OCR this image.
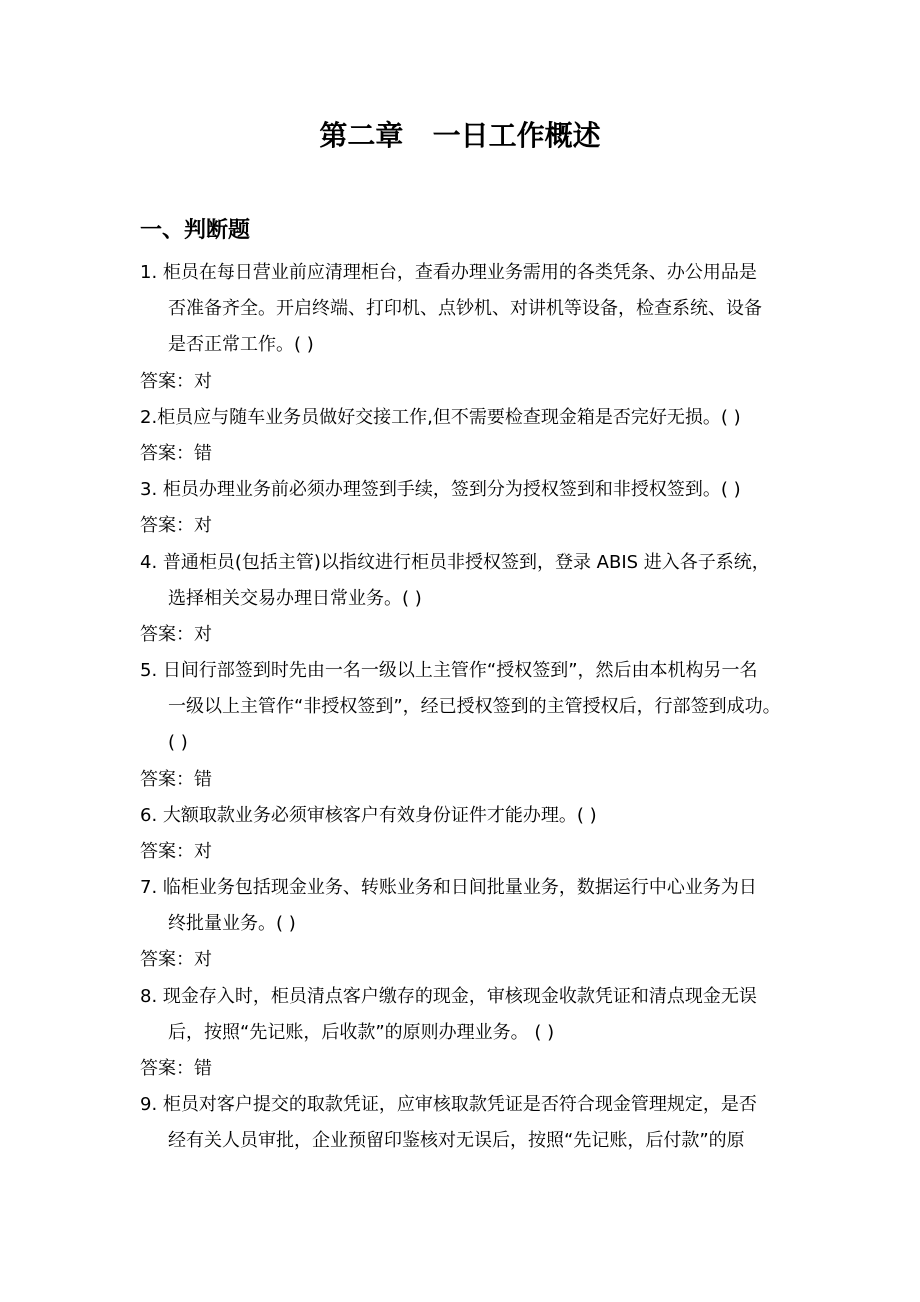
第二章   一日工作概述
一、判断题
1. 柜员在每日营业前应清理柜台，查看办理业务需用的各类凭条、办公用品是
否准备齐全。开启终端、打印机、点钞机、对讲机等设备，检查系统、设备
是否正常工作。( )
答案：对
2.柜员应与随车业务员做好交接工作,但不需要检查现金箱是否完好无损。( )
答案：错
3. 柜员办理业务前必须办理签到手续，签到分为授权签到和非授权签到。( )
答案：对
4. 普通柜员(包括主管)以指纹进行柜员非授权签到，登录 ABIS 进入各子系统，
选择相关交易办理日常业务。( )
答案：对
5. 日间行部签到时先由一名一级以上主管作“授权签到”，然后由本机构另一名
一级以上主管作“非授权签到”，经已授权签到的主管授权后，行部签到成功。
( )
答案：错
6. 大额取款业务必须审核客户有效身份证件才能办理。( )
答案：对
7. 临柜业务包括现金业务、转账业务和日间批量业务，数据运行中心业务为日
终批量业务。( )
答案：对
8. 现金存入时，柜员清点客户缴存的现金，审核现金收款凭证和清点现金无误
后，按照“先记账，后收款”的原则办理业务。 ( )
答案：错
9. 柜员对客户提交的取款凭证，应审核取款凭证是否符合现金管理规定，是否
经有关人员审批，企业预留印鉴核对无误后，按照“先记账，后付款”的原
